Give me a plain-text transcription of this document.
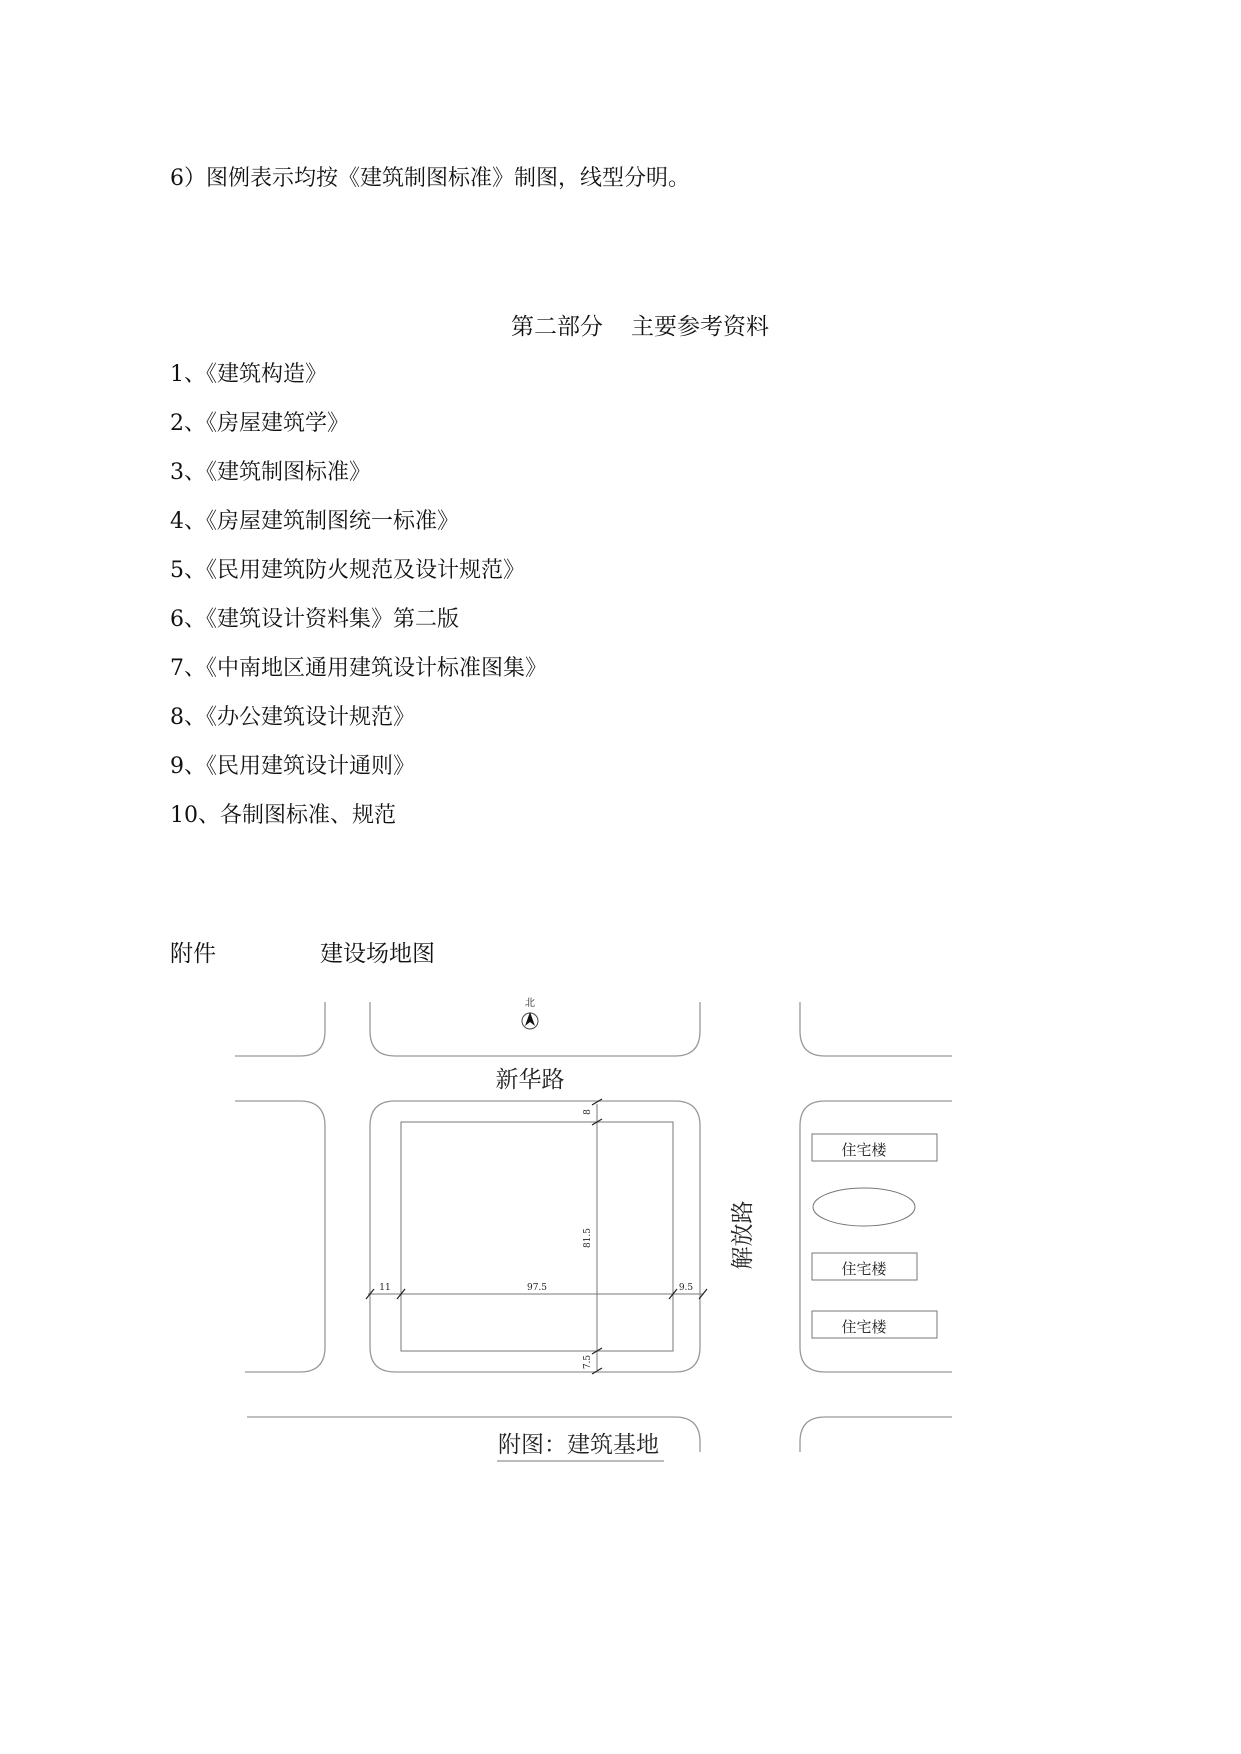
6）图例表示均按《建筑制图标准》制图，线型分明。
第二部分 主要参考资料
1、《建筑构造》
2、《房屋建筑学》
3、《建筑制图标准》
4、《房屋建筑制图统一标准》
5、《民用建筑防火规范及设计规范》
6、《建筑设计资料集》第二版
7、《中南地区通用建筑设计标准图集》
8、《办公建筑设计规范》
9、《民用建筑设计通则》
10、各制图标准、规范
附件	建设场地图
北
8
81.5
11	97.5	9.5
7.5
新华路
解放路
住宅楼
住宅楼
住宅楼
附图：建筑基地
